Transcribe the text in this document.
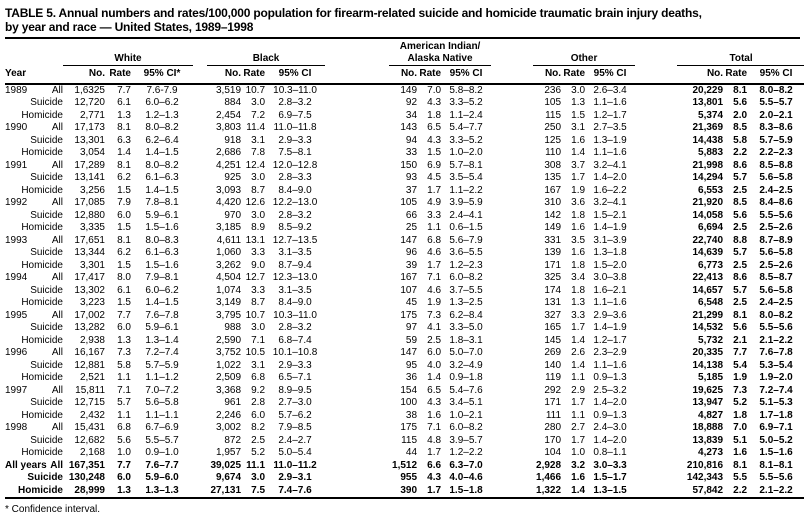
TABLE 5. Annual numbers and rates/100,000 population for firearm-related suicide and homicide traumatic brain injury deaths,
by year and race — United States, 1989–1998

	White				Black				American Indian/
Alaska Native				Other				Total		

Year	No.	Rate	95% CI*		No.	Rate	95% CI		No.	Rate	95% CI		No.	Rate	95% CI		No.	Rate	95% CI

1989 All	1,6325	7.7	7.6-7.9		3,519	10.7	10.3–11.0		149	7.0	5.8–8.2		236	3.0	2.6–3.4		20,229	8.1	8.0–8.2

Suicide	12,720	6.1	6.0–6.2		884	3.0	2.8–3.2		92	4.3	3.3–5.2		105	1.3	1.1–1.6		13,801	5.6	5.5–5.7

Homicide	2,771	1.3	1.2–1.3		2,454	7.2	6.9–7.5		34	1.8	1.1–2.4		115	1.5	1.2–1.7		5,374	2.0	2.0–2.1

1990 All	17,173	8.1	8.0–8.2		3,803	11.4	11.0–11.8		143	6.5	5.4–7.7		250	3.1	2.7–3.5		21,369	8.5	8.3–8.6

Suicide	13,301	6.3	6.2–6.4		918	3.1	2.9–3.3		94	4.3	3.3–5.2		125	1.6	1.3–1.9		14,438	5.8	5.7–5.9

Homicide	3,054	1.4	1.4–1.5		2,686	7.8	7.5–8.1		33	1.5	1.0–2.0		110	1.4	1.1–1.6		5,883	2.2	2.2–2.3

1991 All	17,289	8.1	8.0–8.2		4,251	12.4	12.0–12.8		150	6.9	5.7–8.1		308	3.7	3.2–4.1		21,998	8.6	8.5–8.8

Suicide	13,141	6.2	6.1–6.3		925	3.0	2.8–3.3		93	4.5	3.5–5.4		135	1.7	1.4–2.0		14,294	5.7	5.6–5.8

Homicide	3,256	1.5	1.4–1.5		3,093	8.7	8.4–9.0		37	1.7	1.1–2.2		167	1.9	1.6–2.2		6,553	2.5	2.4–2.5

1992 All	17,085	7.9	7.8–8.1		4,420	12.6	12.2–13.0		105	4.9	3.9–5.9		310	3.6	3.2–4.1		21,920	8.5	8.4–8.6

Suicide	12,880	6.0	5.9–6.1		970	3.0	2.8–3.2		66	3.3	2.4–4.1		142	1.8	1.5–2.1		14,058	5.6	5.5–5.6

Homicide	3,335	1.5	1.5–1.6		3,185	8.9	8.5–9.2		25	1.1	0.6–1.5		149	1.6	1.4–1.9		6,694	2.5	2.5–2.6

1993 All	17,651	8.1	8.0–8.3		4,611	13.1	12.7–13.5		147	6.8	5.6–7.9		331	3.5	3.1–3.9		22,740	8.8	8.7–8.9

Suicide	13,344	6.2	6.1–6.3		1,060	3.3	3.1–3.5		96	4.6	3.6–5.5		139	1.6	1.3–1.8		14,639	5.7	5.6–5.8

Homicide	3,301	1.5	1.5–1.6		3,262	9.0	8.7–9.4		39	1.7	1.2–2.3		171	1.8	1.5–2.0		6,773	2.5	2.5–2.6

1994 All	17,417	8.0	7.9–8.1		4,504	12.7	12.3–13.0		167	7.1	6.0–8.2		325	3.4	3.0–3.8		22,413	8.6	8.5–8.7

Suicide	13,302	6.1	6.0–6.2		1,074	3.3	3.1–3.5		107	4.6	3.7–5.5		174	1.8	1.6–2.1		14,657	5.7	5.6–5.8

Homicide	3,223	1.5	1.4–1.5		3,149	8.7	8.4–9.0		45	1.9	1.3–2.5		131	1.3	1.1–1.6		6,548	2.5	2.4–2.5

1995 All	17,002	7.7	7.6–7.8		3,795	10.7	10.3–11.0		175	7.3	6.2–8.4		327	3.3	2.9–3.6		21,299	8.1	8.0–8.2

Suicide	13,282	6.0	5.9–6.1		988	3.0	2.8–3.2		97	4.1	3.3–5.0		165	1.7	1.4–1.9		14,532	5.6	5.5–5.6

Homicide	2,938	1.3	1.3–1.4		2,590	7.1	6.8–7.4		59	2.5	1.8–3.1		145	1.4	1.2–1.7		5,732	2.1	2.1–2.2

1996 All	16,167	7.3	7.2–7.4		3,752	10.5	10.1–10.8		147	6.0	5.0–7.0		269	2.6	2.3–2.9		20,335	7.7	7.6–7.8

Suicide	12,881	5.8	5.7–5.9		1,022	3.1	2.9–3.3		95	4.0	3.2–4.9		140	1.4	1.1–1.6		14,138	5.4	5.3–5.4

Homicide	2,521	1.1	1.1–1.2		2,509	6.8	6.5–7.1		36	1.4	0.9–1.8		119	1.1	0.9–1.3		5,185	1.9	1.9–2.0

1997 All	15,811	7.1	7.0–7.2		3,368	9.2	8.9–9.5		154	6.5	5.4–7.6		292	2.9	2.5–3.2		19,625	7.3	7.2–7.4

Suicide	12,715	5.7	5.6–5.8		961	2.8	2.7–3.0		100	4.3	3.4–5.1		171	1.7	1.4–2.0		13,947	5.2	5.1–5.3

Homicide	2,432	1.1	1.1–1.1		2,246	6.0	5.7–6.2		38	1.6	1.0–2.1		111	1.1	0.9–1.3		4,827	1.8	1.7–1.8

1998 All	15,431	6.8	6.7–6.9		3,002	8.2	7.9–8.5		175	7.1	6.0–8.2		280	2.7	2.4–3.0		18,888	7.0	6.9–7.1

Suicide	12,682	5.6	5.5–5.7		872	2.5	2.4–2.7		115	4.8	3.9–5.7		170	1.7	1.4–2.0		13,839	5.1	5.0–5.2

Homicide	2,168	1.0	0.9–1.0		1,957	5.2	5.0–5.4		44	1.7	1.2–2.2		104	1.0	0.8–1.1		4,273	1.6	1.5–1.6

All years All	167,351	7.7	7.6–7.7		39,025	11.1	11.0–11.2		1,512	6.6	6.3–7.0		2,928	3.2	3.0–3.3		210,816	8.1	8.1–8.1

Suicide	130,248	6.0	5.9–6.0		9,674	3.0	2.9–3.1		955	4.3	4.0–4.6		1,466	1.6	1.5–1.7		142,343	5.5	5.5–5.6

Homicide	28,999	1.3	1.3–1.3		27,131	7.5	7.4–7.6		390	1.7	1.5–1.8		1,322	1.4	1.3–1.5		57,842	2.2	2.1–2.2
* Confidence interval.
